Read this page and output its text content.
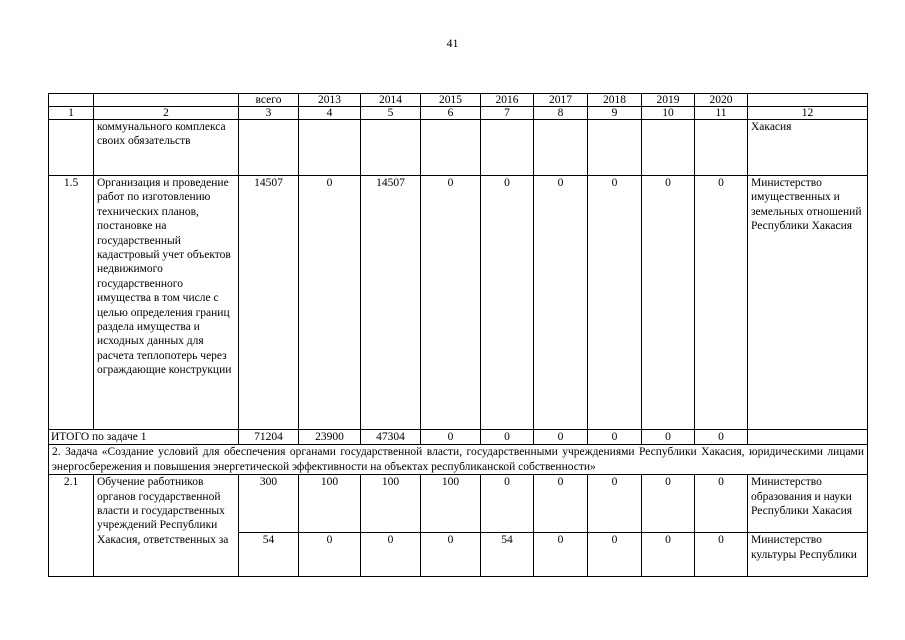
41
		всего	2013	2014	2015	2016	2017	2018	2019	2020	
1	2	3	4	5	6	7	8	9	10	11	12
	коммунального комплекса своих обязательств										Хакасия
1.5	Организация и проведение работ по изготовлению технических планов, постановке на государственный кадастровый учет объектов недвижимого государственного имущества в том числе с целью определения границ раздела имущества и исходных данных для расчета теплопотерь через ограждающие конструкции	14507	0	14507	0	0	0	0	0	0	Министерство имущественных и земельных отношений Республики Хакасия
ИТОГО по задаче 1		71204	23900	47304	0	0	0	0	0	0	
2. Задача «Создание условий для обеспечения органами государственной власти, государственными учреждениями Республики Хакасия, юридическими лицами энергосбережения и повышения энергетической эффективности на объектах республиканской собственности»											
2.1	Обучение работников органов государственной власти и государственных учреждений Республики Хакасия, ответственных за	300	100	100	100	0	0	0	0	0	Министерство образования и науки Республики Хакасия
		54	0	0	0	54	0	0	0	0	Министерство культуры Республики
